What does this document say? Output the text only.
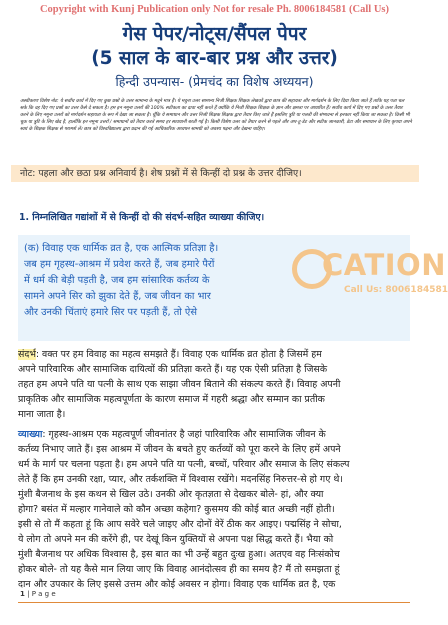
Copyright with Kunj Publication only Not for resale Ph. 8006184581 (Call Us)
गेस पेपर/नोट्स/सैंपल पेपर
(5 साल के बार-बार प्रश्न और उत्तर)
हिन्दी उपन्यास- (प्रेमचंद का विशेष अध्ययन)
अस्वीकरण विशेष नोट: ये सवाँच कार्य में दिए गए कुछ प्रश्नों के उत्तर सामान्य के मदुने मात्र हैं। ये मदुना उत्तर सामान्य निजी शिक्षक शिक्षक लेखकों द्वारा छात्र की सहायता और मार्गदर्शन के लिए दिया किया जाते हैं ताकि यह पता चल सके कि वह दिए गए प्रश्नों का उत्तर कैसे दे सकता है। हम इन नमूना उत्तरों की 100% सटीकता का दावा नहीं करते हैं क्योंकि ये निजी शिक्षक शिक्षक के ज्ञान और क्षमता पर आधारित हैं। सवाँच कार्य में दिए गए प्रश्नों के उत्तर तैयार करने के लिए नमूना उत्तरों को मार्गदर्शन सहायता के रूप में देखा जा सकता है। चूँकि ये समाधान और उत्तर निजी शिक्षक शिक्षक द्वारा तैयार किए जाते हैं इसलिए त्रुटि या गलती की संभावना से इनकार नहीं किया जा सकता है। किसी भी चूक या त्रुटि के लिए खेद है, हालाँकि इन नमूना उत्तरों / समाधानों को तैयार करते समय हर सावधानी बरती गई है। किसी विशेष उत्तर को तैयार करने से पहले और अप-टू-डेट और सटीक जानकारी, डेटा और समाधान के लिए कृपया अपने स्वयं के शिक्षक शिक्षक से परामर्श लें। छात्र को विश्वविद्यालय द्वारा प्रदान की गई आधिकारिक अध्ययन सामग्री को अवश्य पढ़ना और देखना चाहिए।
नोट: पहला और छठा प्रश्न अनिवार्य है। शेष प्रश्नों में से किन्हीं दो प्रश्न के उत्तर दीजिए।
1. निम्नलिखित गद्यांशों में से किन्हीं दो की संदर्भ-सहित व्याख्या कीजिए।
(क) विवाह एक धार्मिक व्रत है, एक आत्मिक प्रतिज्ञा है।
जब हम गृहस्थ-आश्रम में प्रवेश करते हैं, जब हमारे पैरों
में धर्म की बेड़ी पड़ती है, जब हम सांसारिक कर्तव्य के
सामने अपने सिर को झुका देते हैं, जब जीवन का भार
और उनकी चिंताएं हमारे सिर पर पड़ती हैं, तो ऐसे
CATION
Call Us: 8006184581
संदर्भ: वक्त पर हम विवाह का महत्व समझते हैं। विवाह एक धार्मिक व्रत होता है जिसमें हम
अपने पारिवारिक और सामाजिक दायित्वों की प्रतिज्ञा करते हैं। यह एक ऐसी प्रतिज्ञा है जिसके
तहत हम अपने पति या पत्नी के साथ एक साझा जीवन बिताने की संकल्प करते हैं। विवाह अपनी
प्राकृतिक और सामाजिक महत्वपूर्णता के कारण समाज में गहरी श्रद्धा और सम्मान का प्रतीक
माना जाता है।
व्याख्या: गृहस्थ-आश्रम एक महत्वपूर्ण जीवनांतर है जहां पारिवारिक और सामाजिक जीवन के
कर्तव्य निभाए जाते हैं। इस आश्रम में जीवन के बचते हुए कर्तव्यों को पूरा करने के लिए हमें अपने
धर्म के मार्ग पर चलना पड़ता है। हम अपने पति या पत्नी, बच्चों, परिवार और समाज के लिए संकल्प
लेते हैं कि हम उनकी रक्षा, प्यार, और तर्कशक्ति में विश्वास रखेंगे। मदनसिंह निरुत्तर-से हो गए थे।
मुंशी बैजनाथ के इस कथन से खिल उठे। उनकी ओर कृतज्ञता से देखकर बोले- हां, और क्या
होगा? बसंत में मल्हार गानेवाले को कौन अच्छा कहेगा? कुसमय की कोई बात अच्छी नहीं होती।
इसी से तो मैं कहता हूं कि आप सवेरे चले जाइए और दोनों वेरें ठीक कर आइए। पद्मसिंह ने सोचा,
ये लोग तो अपने मन की करेंगे ही, पर देखूं किन युक्तियों से अपना पक्ष सिद्ध करते हैं। भैया को
मुंशी बैजनाथ पर अधिक विश्वास है, इस बात का भी उन्हें बहुत दुःख हुआ। अतएव वह निःसंकोच
होकर बोले- तो यह कैसे मान लिया जाए कि विवाह आनंदोत्सव ही का समय है? मैं तो समझता हूं
दान और उपकार के लिए इससे उत्तम और कोई अवसर न होगा। विवाह एक धार्मिक व्रत है, एक
1 | P a g e
